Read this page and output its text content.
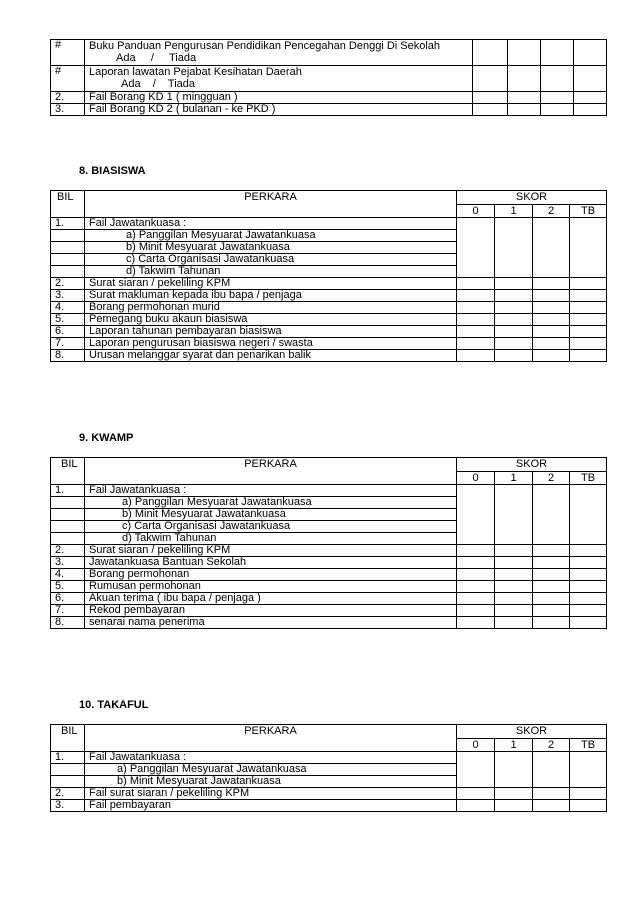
#	Buku Panduan Pengurusan Pendidikan Pencegahan Denggi Di Sekolah
Ada     /     Tiada				

#	Laporan lawatan Pejabat Kesihatan Daerah
Ada    /    Tiada				

2.	Fail Borang KD 1 ( mingguan )				
3.	Fail Borang KD 2 ( bulanan - ke PKD )				
8. BIASISWA
BIL	PERKARA	SKOR			
		0	1	2	TB
1.	Fail Jawatankuasa :				
	a) Panggilan Mesyuarat Jawatankuasa				
	b) Minit Mesyuarat Jawatankuasa				
	c) Carta Organisasi Jawatankuasa				
	d) Takwim Tahunan				
2.	Surat siaran / pekeliling KPM				
3.	Surat makluman kepada ibu bapa / penjaga				
4.	Borang permohonan murid				
5.	Pemegang buku akaun biasiswa				
6.	Laporan tahunan pembayaran biasiswa				
7.	Laporan pengurusan biasiswa negeri / swasta				
8.	Urusan melanggar syarat dan penarikan balik				
9. KWAMP
BIL	PERKARA	SKOR			
		0	1	2	TB
1.	Fail Jawatankuasa :				
	a) Panggilan Mesyuarat Jawatankuasa				
	b) Minit Mesyuarat Jawatankuasa				
	c) Carta Organisasi Jawatankuasa				
	d) Takwim Tahunan				
2.	Surat siaran / pekeliling KPM				
3.	Jawatankuasa Bantuan Sekolah				
4.	Borang permohonan				
5.	Rumusan permohonan				
6.	Akuan terima ( ibu bapa / penjaga )				
7.	Rekod pembayaran				
8.	senarai nama penerima				
10. TAKAFUL
BIL	PERKARA	SKOR			
		0	1	2	TB
1.	Fail Jawatankuasa :				
	a) Panggilan Mesyuarat Jawatankuasa				
	b) Minit Mesyuarat Jawatankuasa				
2.	Fail surat siaran / pekeliling KPM				
3.	Fail pembayaran				
